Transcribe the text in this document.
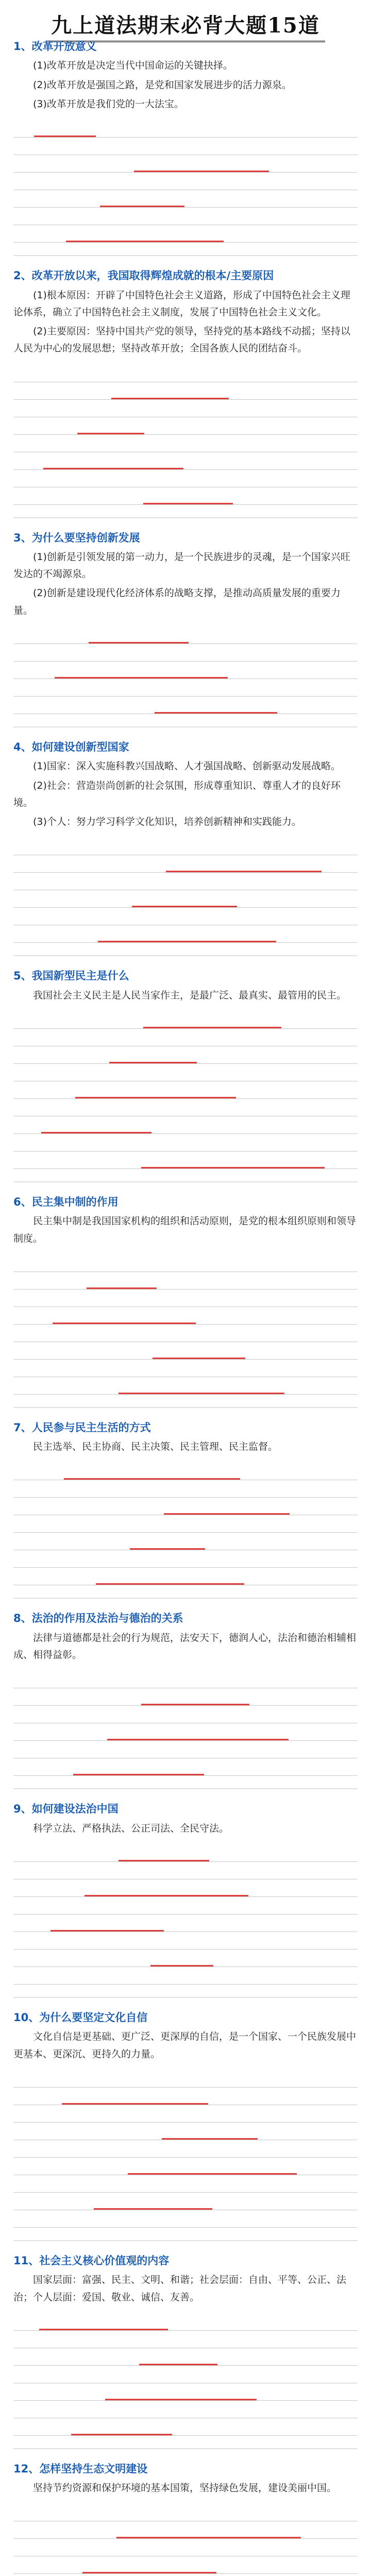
九上道法期末必背大题15道
1、改革开放意义
(1)改革开放是决定当代中国命运的关键抉择。
(2)改革开放是强国之路，是党和国家发展进步的活力源泉。
(3)改革开放是我们党的一大法宝。
2、改革开放以来，我国取得辉煌成就的根本/主要原因
(1)根本原因：开辟了中国特色社会主义道路，形成了中国特色社会主义理论体系，确立了中国特色社会主义制度，发展了中国特色社会主义文化。
(2)主要原因：坚持中国共产党的领导，坚持党的基本路线不动摇；坚持以人民为中心的发展思想；坚持改革开放；全国各族人民的团结奋斗。
3、为什么要坚持创新发展
(1)创新是引领发展的第一动力，是一个民族进步的灵魂，是一个国家兴旺发达的不竭源泉。
(2)创新是建设现代化经济体系的战略支撑，是推动高质量发展的重要力量。
4、如何建设创新型国家
(1)国家：深入实施科教兴国战略、人才强国战略、创新驱动发展战略。
(2)社会：营造崇尚创新的社会氛围，形成尊重知识、尊重人才的良好环境。
(3)个人：努力学习科学文化知识，培养创新精神和实践能力。
5、我国新型民主是什么
我国社会主义民主是人民当家作主，是最广泛、最真实、最管用的民主。
6、民主集中制的作用
民主集中制是我国国家机构的组织和活动原则，是党的根本组织原则和领导制度。
7、人民参与民主生活的方式
民主选举、民主协商、民主决策、民主管理、民主监督。
8、法治的作用及法治与德治的关系
法律与道德都是社会的行为规范，法安天下，德润人心，法治和德治相辅相成、相得益彰。
9、如何建设法治中国
科学立法、严格执法、公正司法、全民守法。
10、为什么要坚定文化自信
文化自信是更基础、更广泛、更深厚的自信，是一个国家、一个民族发展中更基本、更深沉、更持久的力量。
11、社会主义核心价值观的内容
国家层面：富强、民主、文明、和谐；社会层面：自由、平等、公正、法治；个人层面：爱国、敬业、诚信、友善。
12、怎样坚持生态文明建设
坚持节约资源和保护环境的基本国策，坚持绿色发展，建设美丽中国。
